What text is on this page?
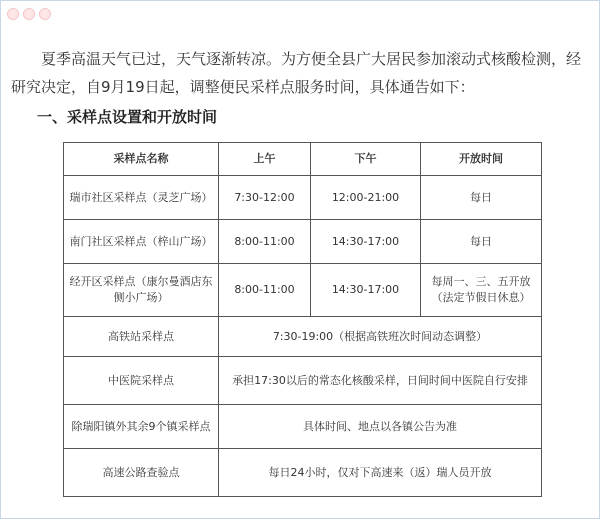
夏季高温天气已过，天气逐渐转凉。为方便全县广大居民参加滚动式核酸检测，经研究决定，自9月19日起，调整便民采样点服务时间，具体通告如下：

一、采样点设置和开放时间

采样点名称	上午	下午	开放时间
瑞市社区采样点（灵芝广场）	7:30-12:00	12:00-21:00	每日
南门社区采样点（梓山广场）	8:00-11:00	14:30-17:00	每日
经开区采样点（康尔曼酒店东侧小广场）	8:00-11:00	14:30-17:00	每周一、三、五开放（法定节假日休息）
高铁站采样点	7:30-19:00（根据高铁班次时间动态调整）		
中医院采样点	承担17:30以后的常态化核酸采样，日间时间中医院自行安排		
除瑞阳镇外其余9个镇采样点	具体时间、地点以各镇公告为准		
高速公路查验点	每日24小时，仅对下高速来（返）瑞人员开放		
